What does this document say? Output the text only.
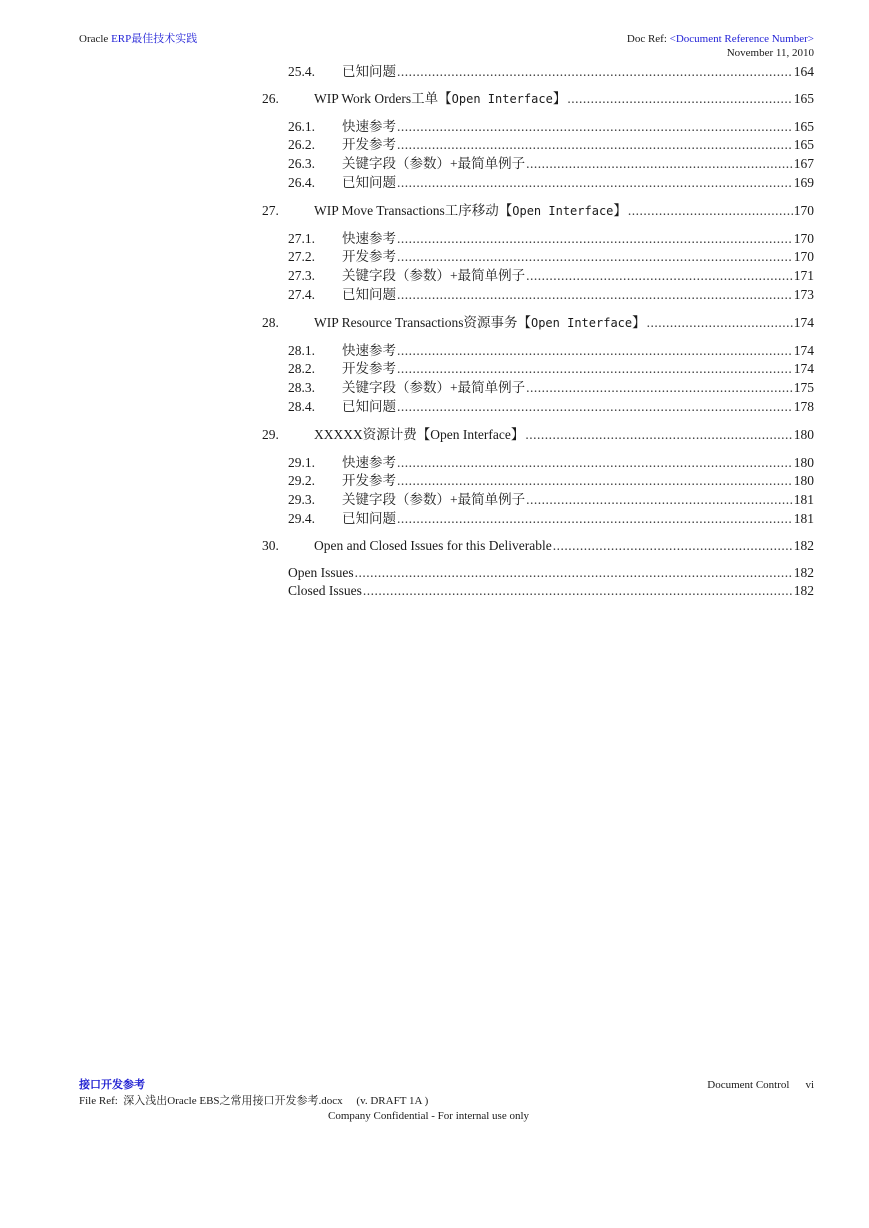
Oracle ERP最佳技术实践	Doc Ref: <Document Reference Number>
November 11, 2010
25.4.	已知问题 .....	164
26.	WIP Work Orders工单【Open Interface】 .....	165
26.1.	快速参考 .....	165
26.2.	开发参考 .....	165
26.3.	关键字段（参数）+最简单例子 .....	167
26.4.	已知问题 .....	169
27.	WIP Move Transactions工序移动【Open Interface】 .....	170
27.1.	快速参考 .....	170
27.2.	开发参考 .....	170
27.3.	关键字段（参数）+最简单例子 .....	171
27.4.	已知问题 .....	173
28.	WIP Resource Transactions资源事务【Open Interface】 .....	174
28.1.	快速参考 .....	174
28.2.	开发参考 .....	174
28.3.	关键字段（参数）+最简单例子 .....	175
28.4.	已知问题 .....	178
29.	XXXXX资源计费【Open Interface】 .....	180
29.1.	快速参考 .....	180
29.2.	开发参考 .....	180
29.3.	关键字段（参数）+最简单例子 .....	181
29.4.	已知问题 .....	181
30.	Open and Closed Issues for this Deliverable .....	182
Open Issues .....	182
Closed Issues .....	182
接口开发参考	Document Control vi
File Ref:  深入浅出Oracle EBS之常用接口开发参考.docx     (v. DRAFT 1A )
Company Confidential - For internal use only
